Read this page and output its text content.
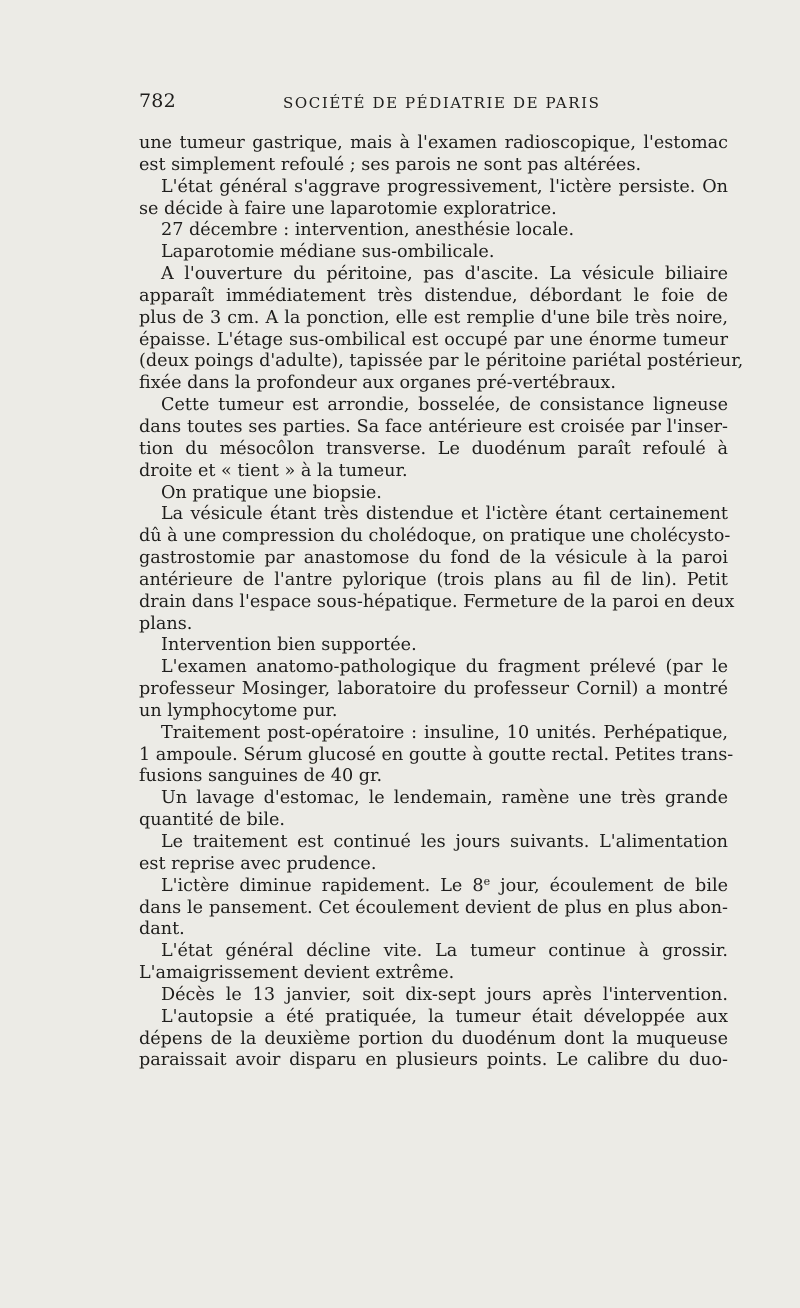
782	SOCIÉTÉ DE PÉDIATRIE DE PARIS
une tumeur gastrique, mais à l'examen radioscopique, l'estomac
est simplement refoulé ; ses parois ne sont pas altérées.
L'état général s'aggrave progressivement, l'ictère persiste. On
se décide à faire une laparotomie exploratrice.
27 décembre : intervention, anesthésie locale.
Laparotomie médiane sus-ombilicale.
A l'ouverture du péritoine, pas d'ascite. La vésicule biliaire
apparaît immédiatement très distendue, débordant le foie de
plus de 3 cm. A la ponction, elle est remplie d'une bile très noire,
épaisse. L'étage sus-ombilical est occupé par une énorme tumeur
(deux poings d'adulte), tapissée par le péritoine pariétal postérieur,
fixée dans la profondeur aux organes pré-vertébraux.
Cette tumeur est arrondie, bosselée, de consistance ligneuse
dans toutes ses parties. Sa face antérieure est croisée par l'inser-
tion du mésocôlon transverse. Le duodénum paraît refoulé à
droite et « tient » à la tumeur.
On pratique une biopsie.
La vésicule étant très distendue et l'ictère étant certainement
dû à une compression du cholédoque, on pratique une cholécysto-
gastrostomie par anastomose du fond de la vésicule à la paroi
antérieure de l'antre pylorique (trois plans au fil de lin). Petit
drain dans l'espace sous-hépatique. Fermeture de la paroi en deux
plans.
Intervention bien supportée.
L'examen anatomo-pathologique du fragment prélevé (par le
professeur Mosinger, laboratoire du professeur Cornil) a montré
un lymphocytome pur.
Traitement post-opératoire : insuline, 10 unités. Perhépatique,
1 ampoule. Sérum glucosé en goutte à goutte rectal. Petites trans-
fusions sanguines de 40 gr.
Un lavage d'estomac, le lendemain, ramène une très grande
quantité de bile.
Le traitement est continué les jours suivants. L'alimentation
est reprise avec prudence.
L'ictère diminue rapidement. Le 8e jour, écoulement de bile
dans le pansement. Cet écoulement devient de plus en plus abon-
dant.
L'état général décline vite. La tumeur continue à grossir.
L'amaigrissement devient extrême.
Décès le 13 janvier, soit dix-sept jours après l'intervention.
L'autopsie a été pratiquée, la tumeur était développée aux
dépens de la deuxième portion du duodénum dont la muqueuse
paraissait avoir disparu en plusieurs points. Le calibre du duo-
